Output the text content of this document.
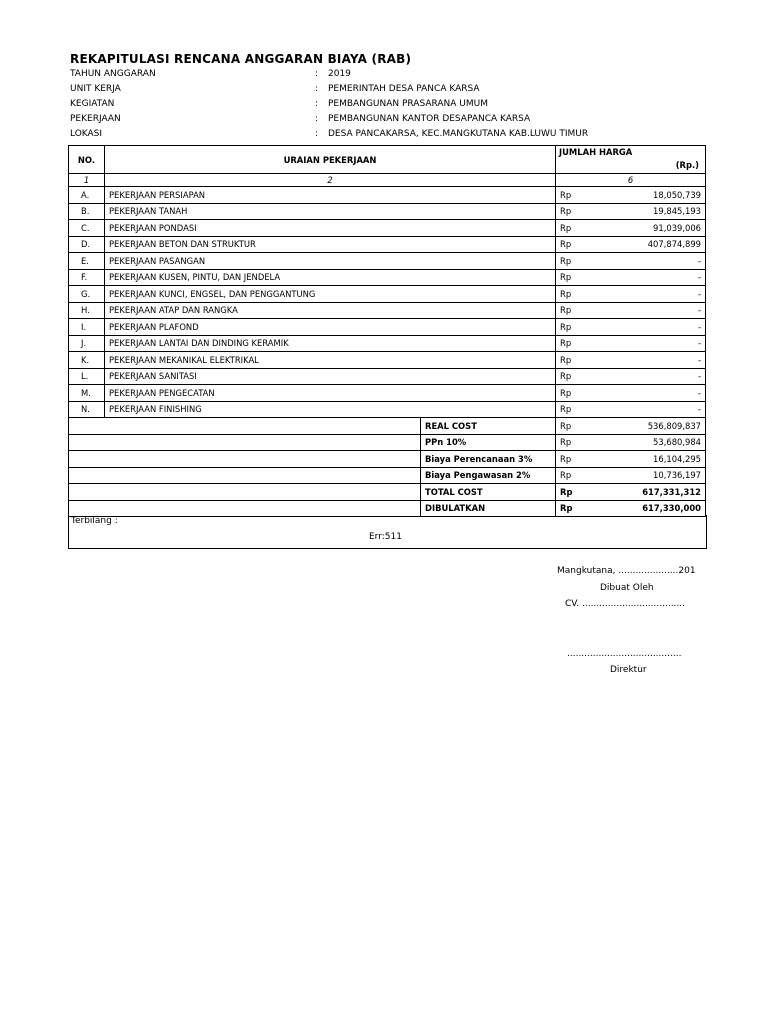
REKAPITULASI RENCANA ANGGARAN BIAYA (RAB)
TAHUN ANGGARAN	: 2019
UNIT KERJA	: PEMERINTAH DESA PANCA KARSA
KEGIATAN	: PEMBANGUNAN PRASARANA UMUM
PEKERJAAN	: PEMBANGUNAN KANTOR DESAPANCA KARSA
LOKASI	: DESA PANCAKARSA, KEC.MANGKUTANA KAB.LUWU TIMUR
NO.	URAIAN PEKERJAAN		JUMLAH HARGA
(Rp.)	

1	2		6	
A.	PEKERJAAN PERSIAPAN		Rp	18,050,739
B.	PEKERJAAN TANAH		Rp	19,845,193
C.	PEKERJAAN PONDASI		Rp	91,039,006
D.	PEKERJAAN BETON DAN STRUKTUR		Rp	407,874,899
E.	PEKERJAAN PASANGAN		Rp	-
F.	PEKERJAAN KUSEN, PINTU, DAN JENDELA		Rp	-
G.	PEKERJAAN KUNCI, ENGSEL, DAN PENGGANTUNG		Rp	-
H.	PEKERJAAN ATAP DAN RANGKA		Rp	-
I.	PEKERJAAN PLAFOND		Rp	-
J.	PEKERJAAN LANTAI DAN DINDING KERAMIK		Rp	-
K.	PEKERJAAN MEKANIKAL ELEKTRIKAL		Rp	-
L.	PEKERJAAN SANITASI		Rp	-
M.	PEKERJAAN PENGECATAN		Rp	-
N.	PEKERJAAN FINISHING		Rp	-
		REAL COST	Rp	536,809,837
		PPn 10%	Rp	53,680,984
		Biaya Perencanaan 3%	Rp	16,104,295
		Biaya Pengawasan 2%	Rp	10,736,197
		TOTAL COST	Rp	617,331,312
		DIBULATKAN	Rp	617,330,000
Terbilang :
Err:511
Mangkutana, .....................201
Dibuat Oleh
CV. ....................................
........................................
Direktur
